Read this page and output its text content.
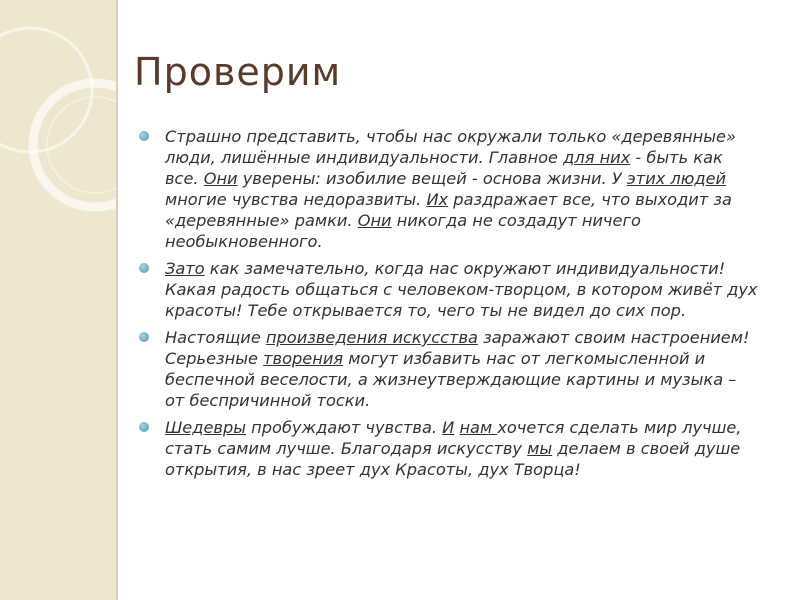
Проверим
Страшно представить, чтобы нас окружали только «деревянные» люди, лишённые индивидуальности. Главное для них - быть как все. Они уверены: изобилие вещей - основа жизни. У этих людей многие чувства недоразвиты. Их раздражает все, что выходит за «деревянные» рамки. Они никогда не создадут ничего необыкновенного.
Зато как замечательно, когда нас окружают индивидуальности! Какая радость общаться с человеком-творцом, в котором живёт дух красоты! Тебе открывается то, чего ты не видел до сих пор.
Настоящие произведения искусства заражают своим настроением! Серьезные творения могут избавить нас от легкомысленной и беспечной веселости, а жизнеутверждающие картины и музыка – от беспричинной тоски.
Шедевры пробуждают чувства. И нам хочется сделать мир лучше, стать самим лучше. Благодаря искусству мы делаем в своей душе открытия, в нас зреет дух Красоты, дух Творца!
